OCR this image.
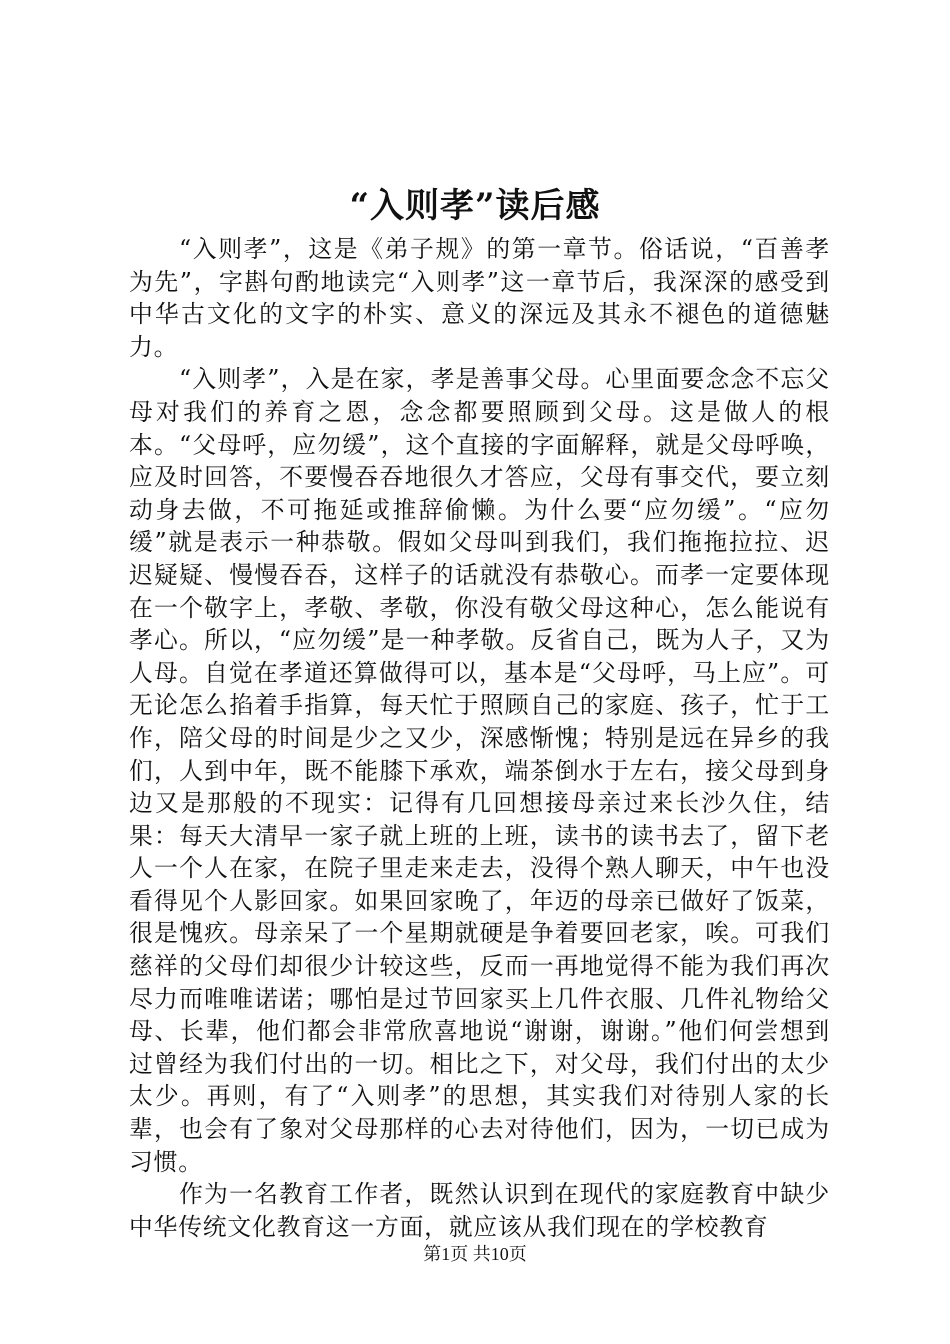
“入则孝”读后感

“入则孝”，这是《弟子规》的第一章节。俗话说，“百善孝为先”，字斟句酌地读完“入则孝”这一章节后，我深深的感受到中华古文化的文字的朴实、意义的深远及其永不褪色的道德魅力。

“入则孝”，入是在家，孝是善事父母。心里面要念念不忘父母对我们的养育之恩，念念都要照顾到父母。这是做人的根本。“父母呼，应勿缓”，这个直接的字面解释，就是父母呼唤，应及时回答，不要慢吞吞地很久才答应，父母有事交代，要立刻动身去做，不可拖延或推辞偷懒。为什么要“应勿缓”。“应勿缓”就是表示一种恭敬。假如父母叫到我们，我们拖拖拉拉、迟迟疑疑、慢慢吞吞，这样子的话就没有恭敬心。而孝一定要体现在一个敬字上，孝敬、孝敬，你没有敬父母这种心，怎么能说有孝心。所以，“应勿缓”是一种孝敬。反省自己，既为人子，又为人母。自觉在孝道还算做得可以，基本是“父母呼，马上应”。可无论怎么掐着手指算，每天忙于照顾自己的家庭、孩子，忙于工作，陪父母的时间是少之又少，深感惭愧；特别是远在异乡的我们，人到中年，既不能膝下承欢，端茶倒水于左右，接父母到身边又是那般的不现实：记得有几回想接母亲过来长沙久住，结果：每天大清早一家子就上班的上班，读书的读书去了，留下老人一个人在家，在院子里走来走去，没得个熟人聊天，中午也没看得见个人影回家。如果回家晚了，年迈的母亲已做好了饭菜，很是愧疚。母亲呆了一个星期就硬是争着要回老家，唉。可我们慈祥的父母们却很少计较这些，反而一再地觉得不能为我们再次尽力而唯唯诺诺；哪怕是过节回家买上几件衣服、几件礼物给父母、长辈，他们都会非常欣喜地说“谢谢，谢谢。”他们何尝想到过曾经为我们付出的一切。相比之下，对父母，我们付出的太少太少。再则，有了“入则孝”的思想，其实我们对待别人家的长辈，也会有了象对父母那样的心去对待他们，因为，一切已成为习惯。

作为一名教育工作者，既然认识到在现代的家庭教育中缺少中华传统文化教育这一方面，就应该从我们现在的学校教育

第1页 共10页
